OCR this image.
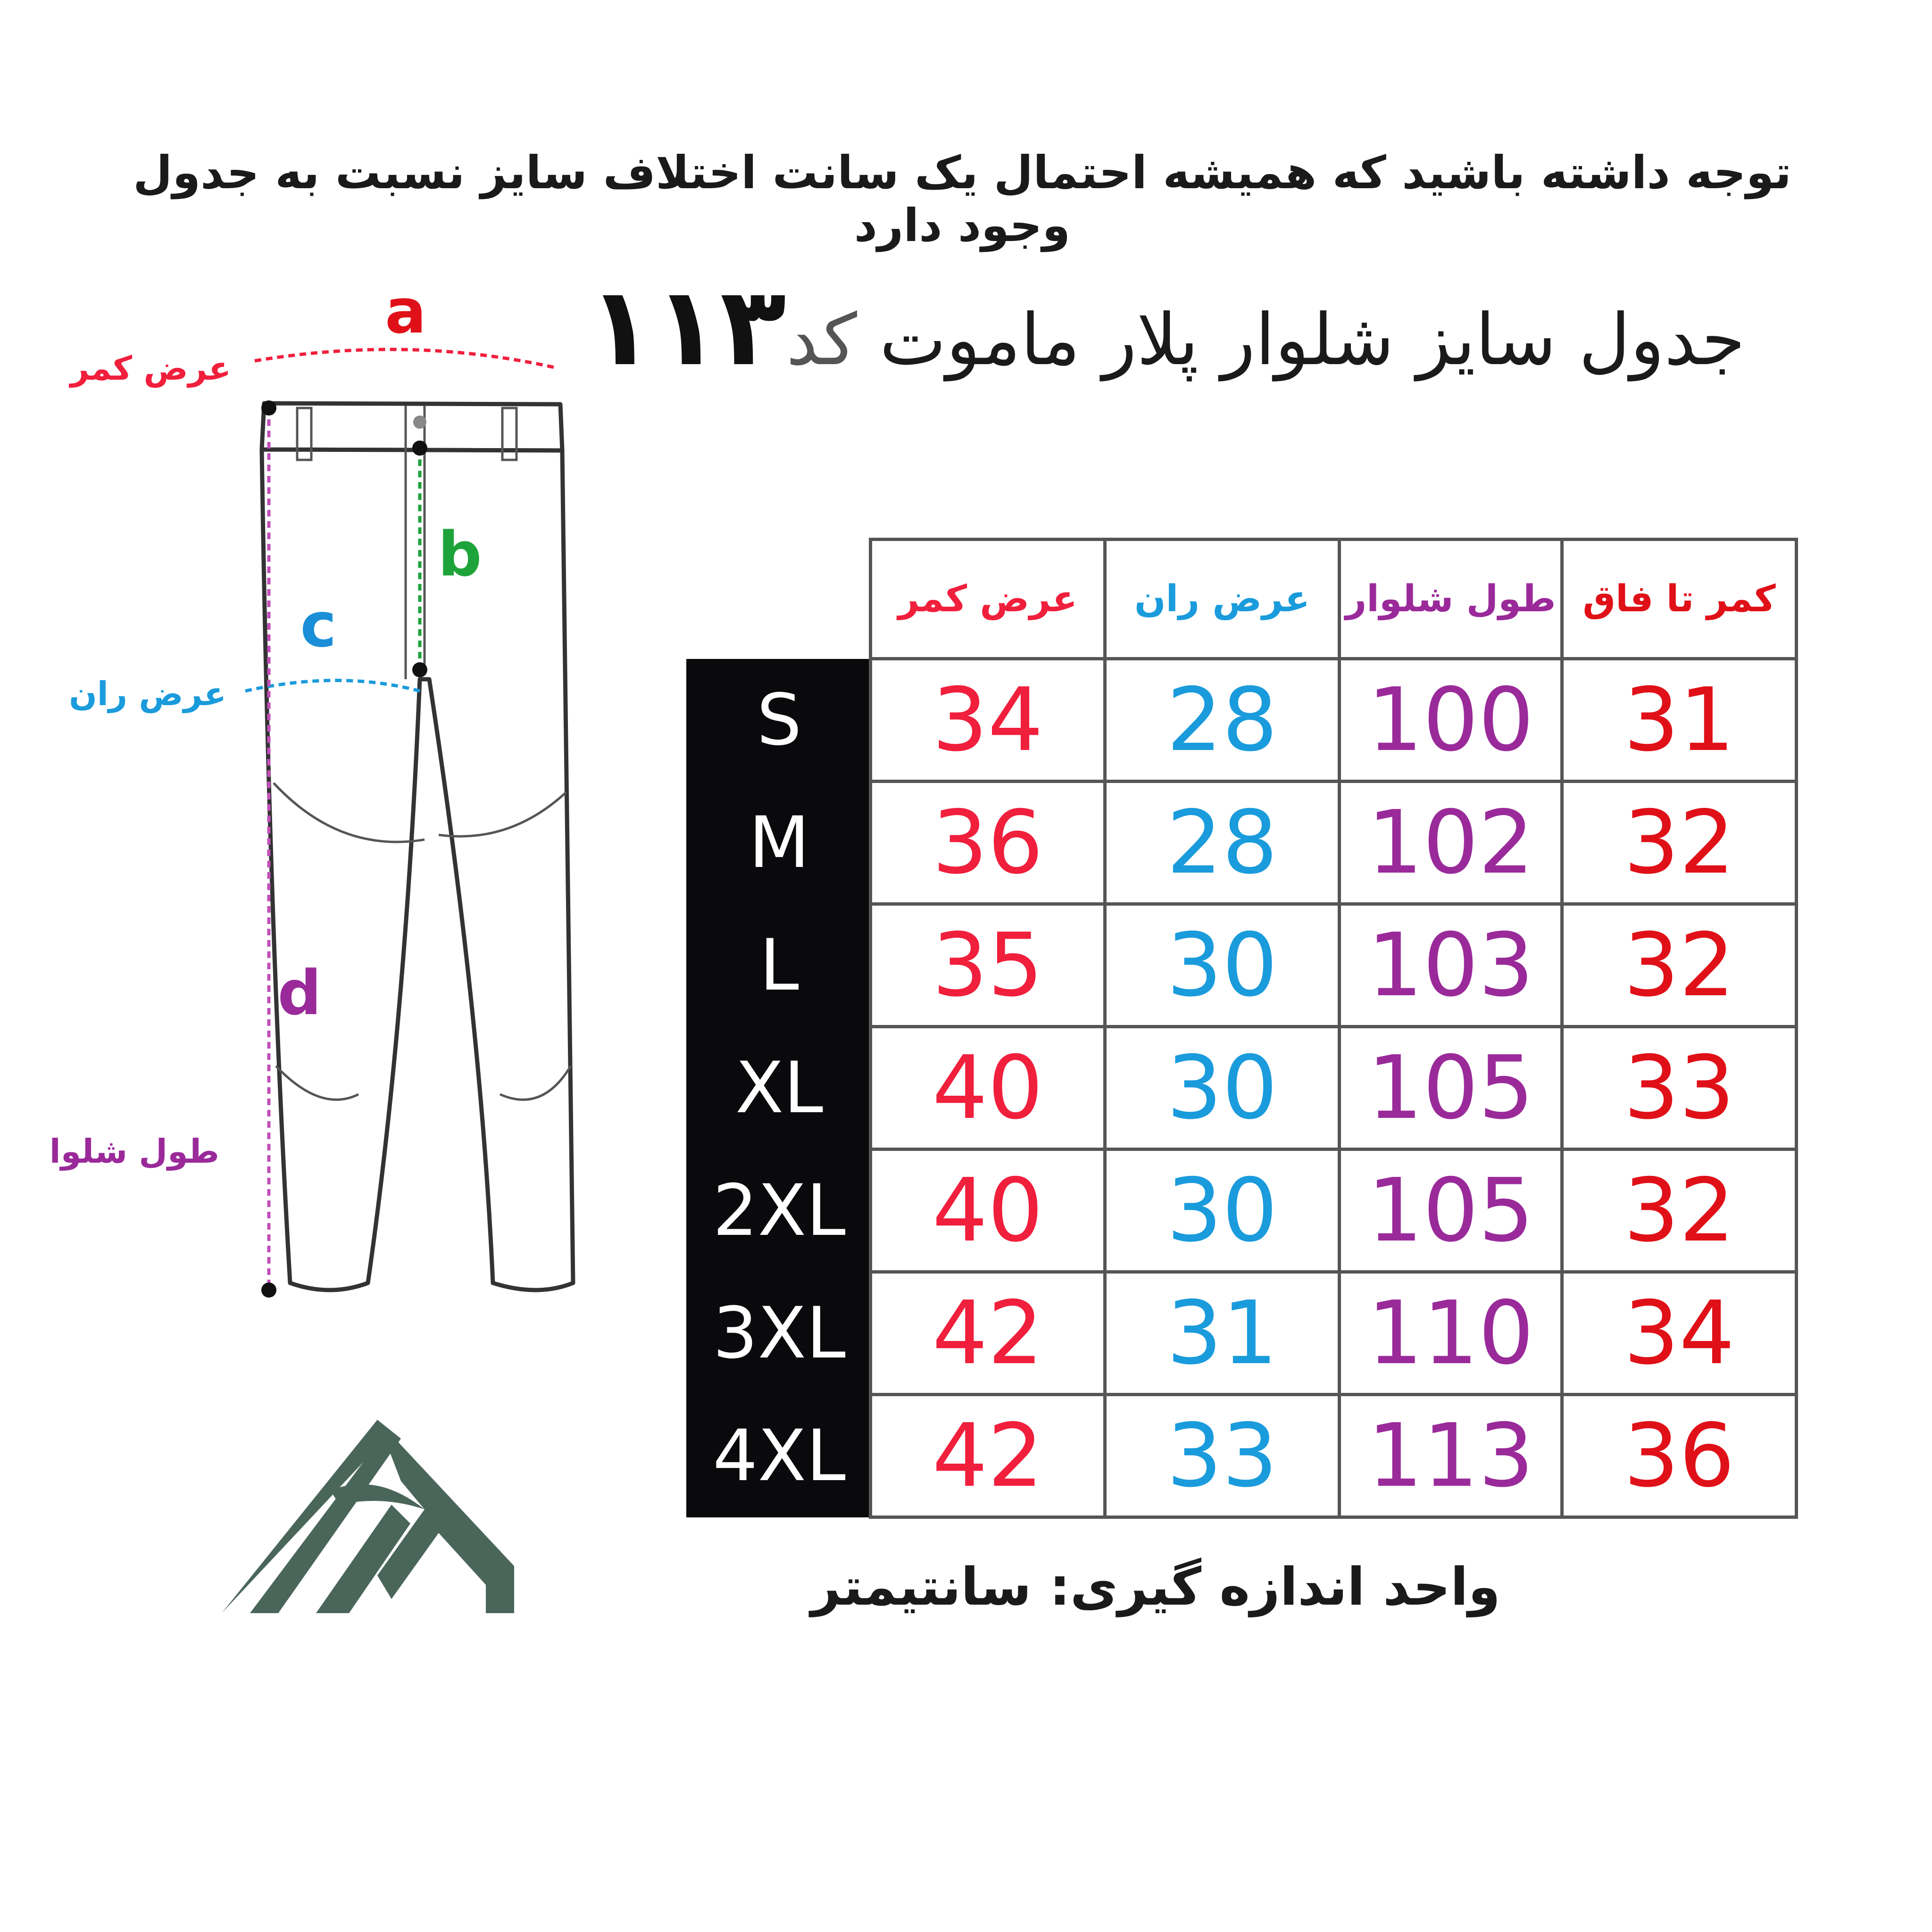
توجه داشته باشید که همیشه احتمال یک سانت اختلاف سایز نسبت به جدول وجود دارد
جدول سایز شلوار پلار ماموت کد۱۱۳
a
عرض کمر
b
c
عرض ران
d
طول شلوار
	عرض کمر	عرض ران	طول شلوار	کمر تا فاق
S	34	28	100	31
M	36	28	102	32
L	35	30	103	32
XL	40	30	105	33
2XL	40	30	105	32
3XL	42	31	110	34
4XL	42	33	113	36
واحد اندازه گیری: سانتیمتر
